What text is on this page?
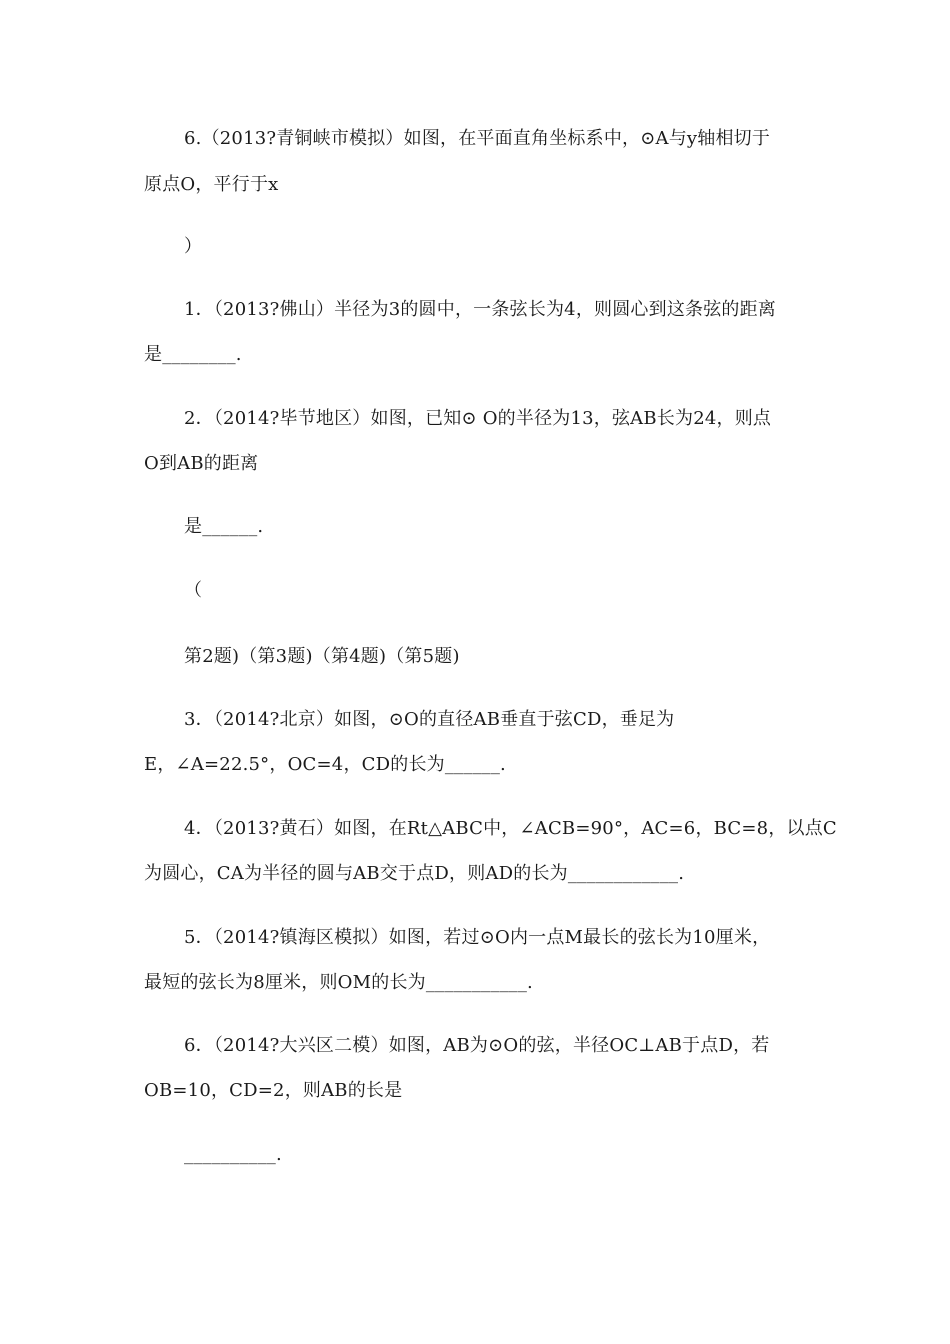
6.（2013?青铜峡市模拟）如图，在平面直角坐标系中，⊙A与y轴相切于
原点O，平行于x
）
1．（2013?佛山）半径为3的圆中，一条弦长为4，则圆心到这条弦的距离
是________.
2．（2014?毕节地区）如图，已知⊙ O的半径为13，弦AB长为24，则点
O到AB的距离
是______.
（
第2题)（第3题)（第4题)（第5题)
3．（2014?北京）如图，⊙O的直径AB垂直于弦CD，垂足为
E，∠A=22.5°，OC=4，CD的长为______.
4．（2013?黄石）如图，在Rt△ABC中，∠ACB=90°，AC=6，BC=8，以点C
为圆心，CA为半径的圆与AB交于点D，则AD的长为____________.
5．（2014?镇海区模拟）如图，若过⊙O内一点M最长的弦长为10厘米，
最短的弦长为8厘米，则OM的长为___________.
6．（2014?大兴区二模）如图，AB为⊙O的弦，半径OC⊥AB于点D，若
OB=10，CD=2，则AB的长是
__________.
